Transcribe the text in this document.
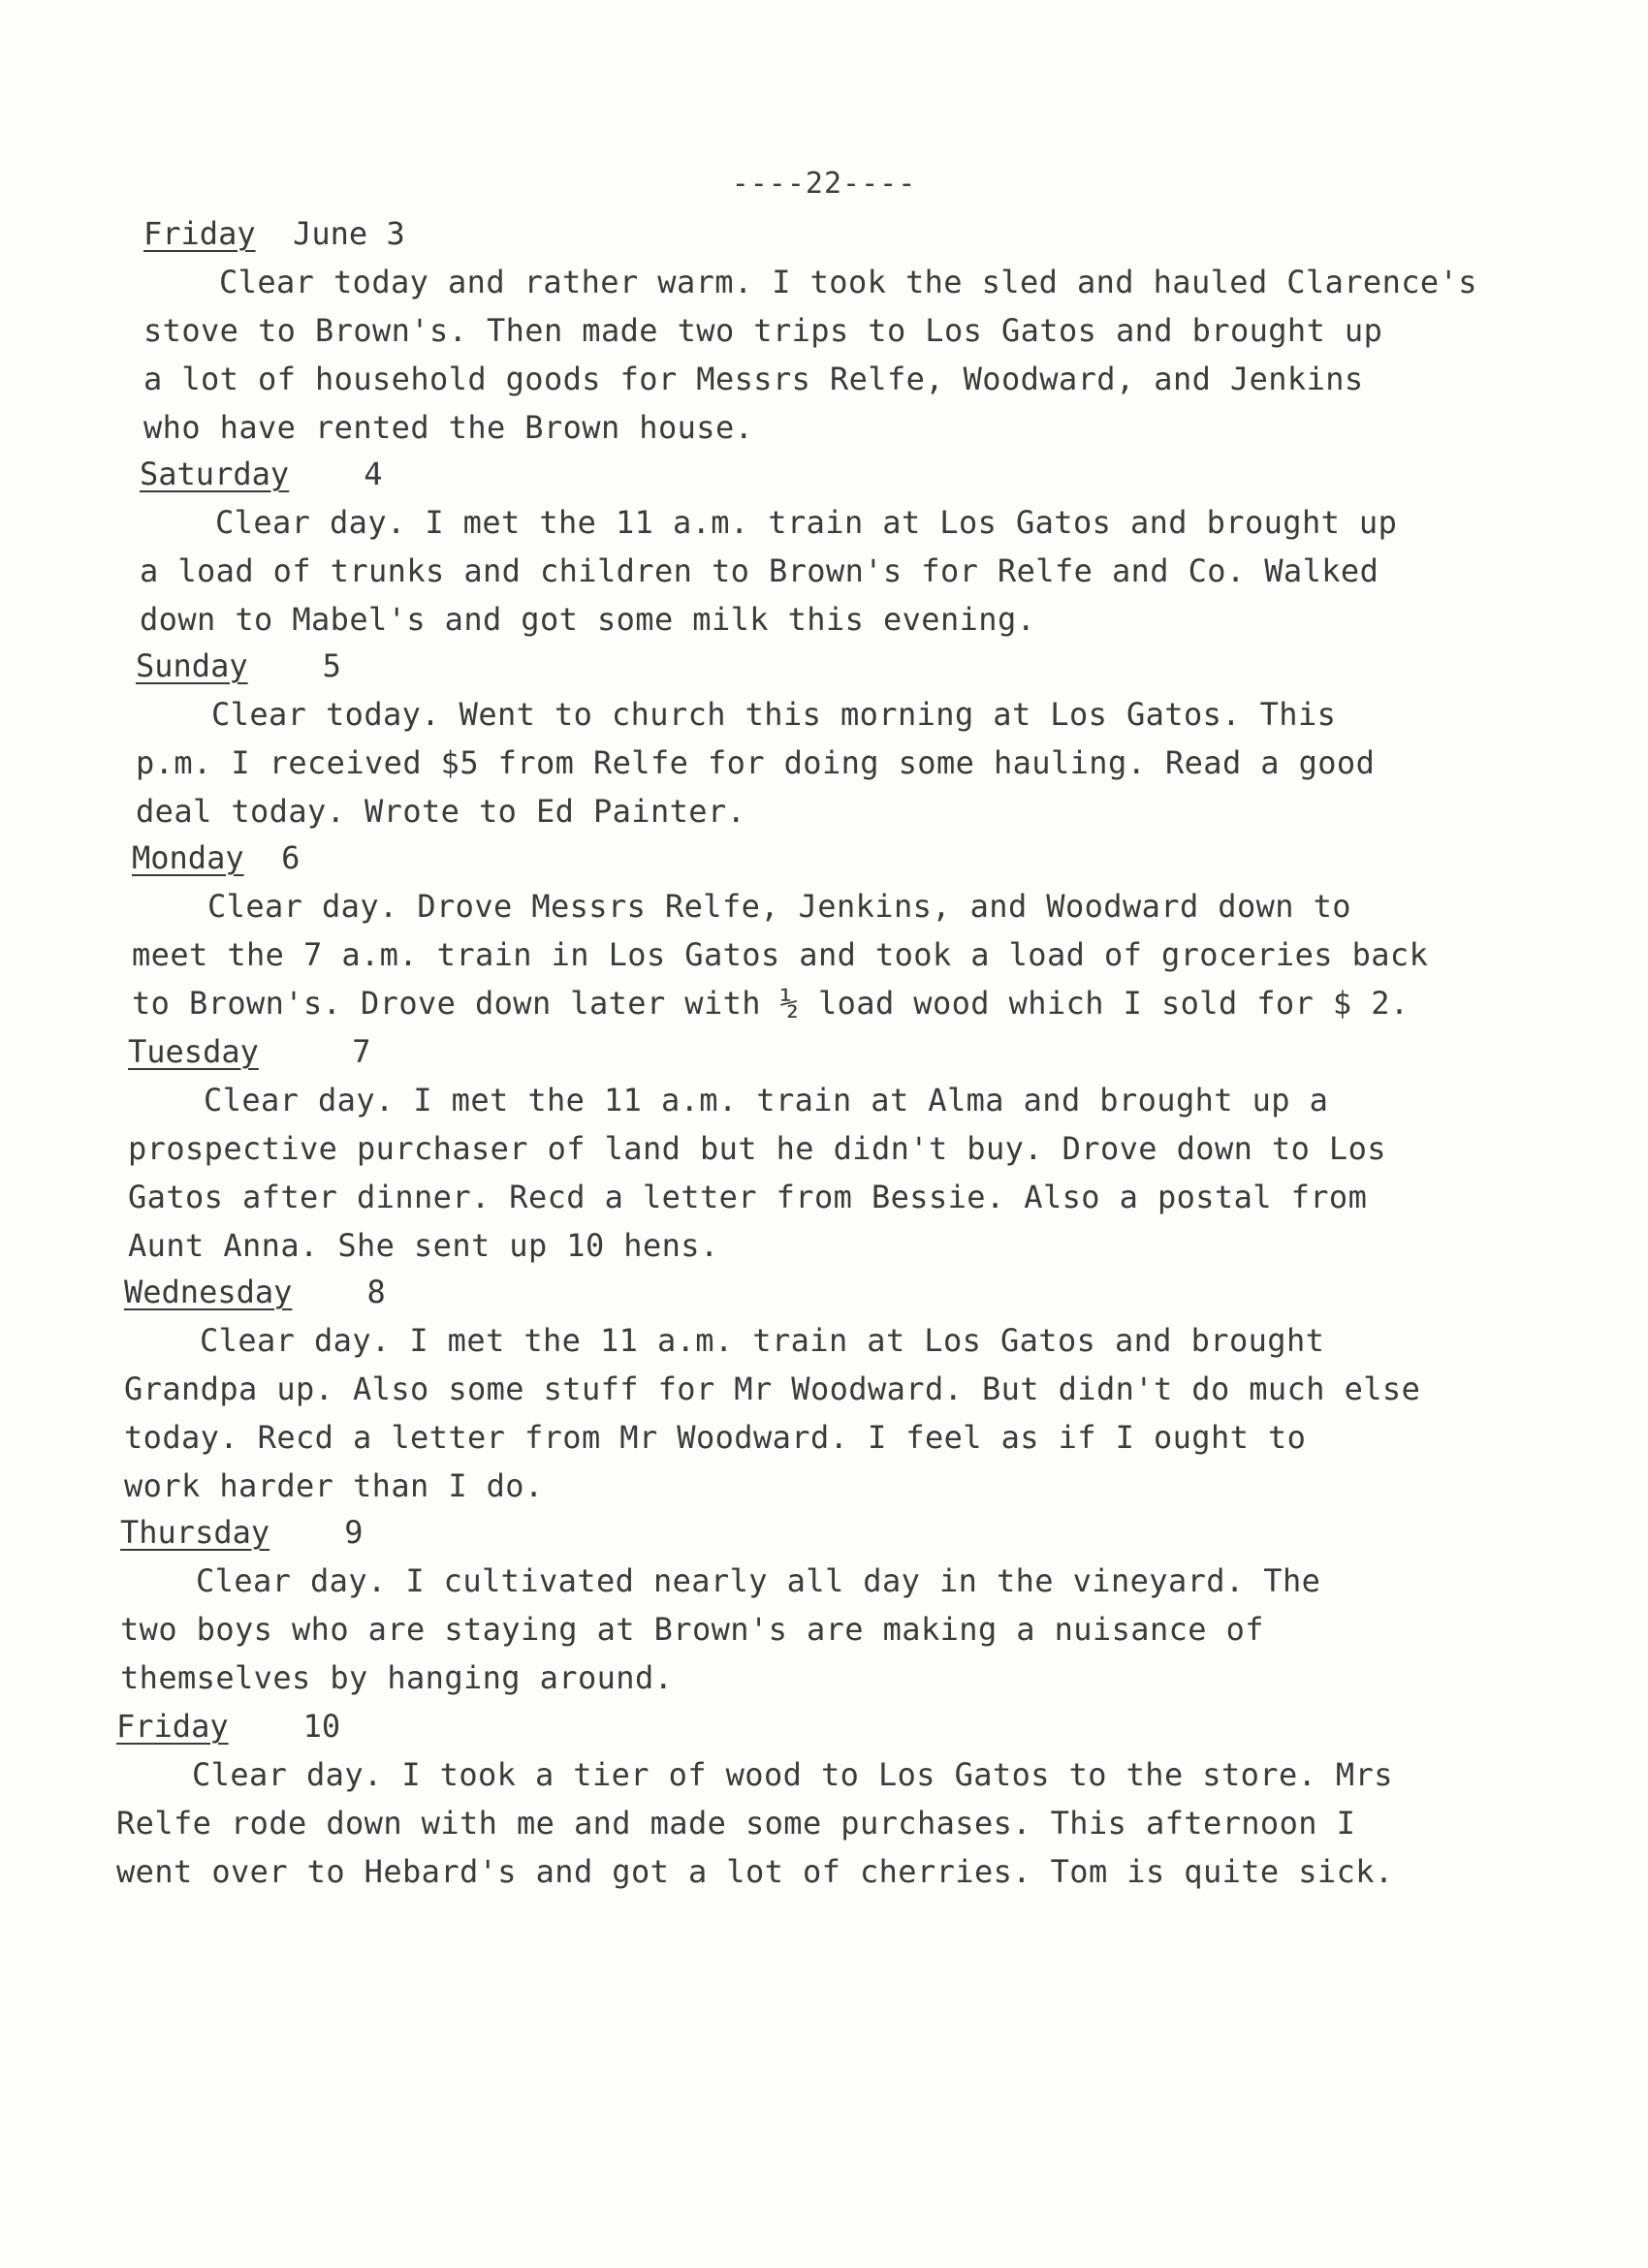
----22----
Friday June 3
Clear today and rather warm. I took the sled and hauled Clarence's
stove to Brown's. Then made two trips to Los Gatos and brought up
a lot of household goods for Messrs Relfe, Woodward, and Jenkins
who have rented the Brown house.
Saturday 4
Clear day. I met the 11 a.m. train at Los Gatos and brought up
a load of trunks and children to Brown's for Relfe and Co. Walked
down to Mabel's and got some milk this evening.
Sunday 5
Clear today. Went to church this morning at Los Gatos. This
p.m. I received $5 from Relfe for doing some hauling. Read a good
deal today. Wrote to Ed Painter.
Monday 6
Clear day. Drove Messrs Relfe, Jenkins, and Woodward down to
meet the 7 a.m. train in Los Gatos and took a load of groceries back
to Brown's. Drove down later with ½ load wood which I sold for $ 2.
Tuesday	7
Clear day. I met the 11 a.m. train at Alma and brought up a
prospective purchaser of land but he didn't buy. Drove down to Los
Gatos after dinner. Recd a letter from Bessie. Also a postal from
Aunt Anna. She sent up 10 hens.
Wednesday 8
Clear day. I met the 11 a.m. train at Los Gatos and brought
Grandpa up. Also some stuff for Mr Woodward. But didn't do much else
today. Recd a letter from Mr Woodward. I feel as if I ought to
work harder than I do.
Thursday 9
Clear day. I cultivated nearly all day in the vineyard. The
two boys who are staying at Brown's are making a nuisance of
themselves by hanging around.
Friday 10
Clear day. I took a tier of wood to Los Gatos to the store. Mrs
Relfe rode down with me and made some purchases. This afternoon I
went over to Hebard's and got a lot of cherries. Tom is quite sick.
